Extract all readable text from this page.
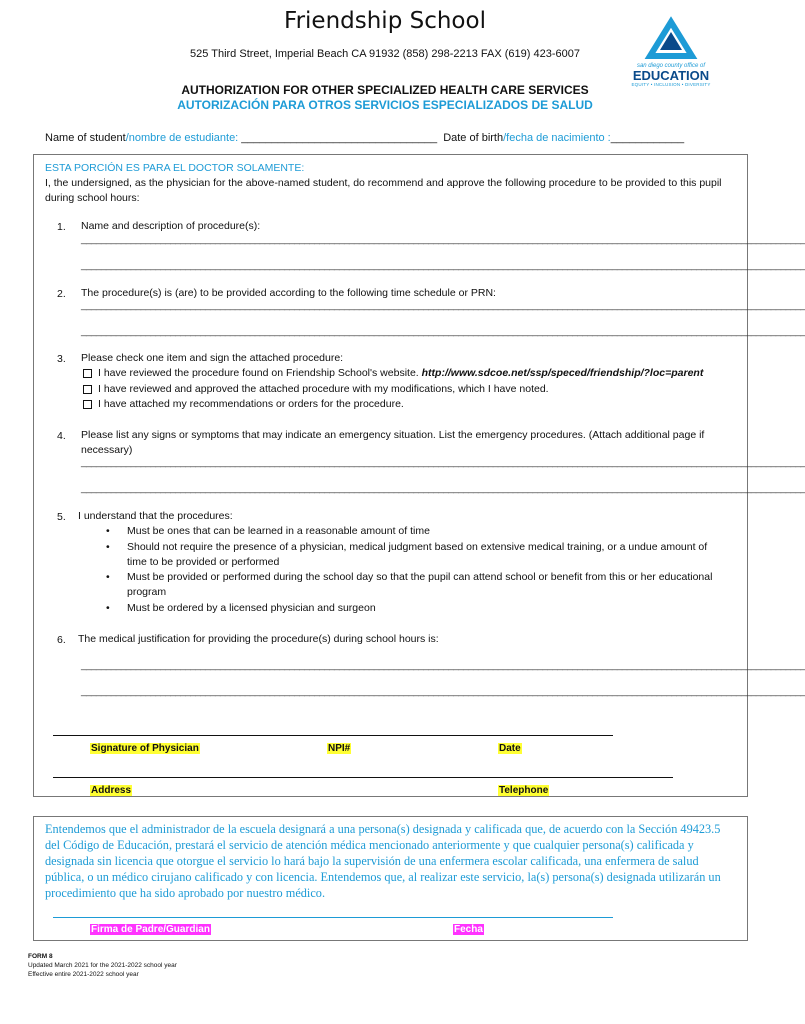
Friendship School
525 Third Street, Imperial Beach CA 91932 (858) 298-2213 FAX (619) 423-6007
san diego county office of
EDUCATION
EQUITY • INCLUSION • DIVERSITY
AUTHORIZATION FOR OTHER SPECIALIZED HEALTH CARE SERVICES
AUTORIZACIÓN PARA OTROS SERVICIOS ESPECIALIZADOS DE SALUD
Name of student/nombre de estudiante: ________________________________ Date of birth/fecha de nacimiento :____________
ESTA PORCIÓN ES PARA EL DOCTOR SOLAMENTE:
I, the undersigned, as the physician for the above-named student, do recommend and approve the following procedure to be provided to this pupil during school hours:
1. Name and description of procedure(s):
__________________________________________________________________________________________________________________________________________________
__________________________________________________________________________________________________________________________________________________
2. The procedure(s) is (are) to be provided according to the following time schedule or PRN:
__________________________________________________________________________________________________________________________________________________
__________________________________________________________________________________________________________________________________________________
3. Please check one item and sign the attached procedure:
I have reviewed the procedure found on Friendship School's website. http://www.sdcoe.net/ssp/speced/friendship/?loc=parent
I have reviewed and approved the attached procedure with my modifications, which I have noted.
I have attached my recommendations or orders for the procedure.
4. Please list any signs or symptoms that may indicate an emergency situation. List the emergency procedures. (Attach additional page if necessary)
__________________________________________________________________________________________________________________________________________________
__________________________________________________________________________________________________________________________________________________
5. I understand that the procedures:
• Must be ones that can be learned in a reasonable amount of time
• Should not require the presence of a physician, medical judgment based on extensive medical training, or a undue amount of time to be provided or performed
• Must be provided or performed during the school day so that the pupil can attend school or benefit from this or her educational program
• Must be ordered by a licensed physician and surgeon
6. The medical justification for providing the procedure(s) during school hours is:
__________________________________________________________________________________________________________________________________________________
__________________________________________________________________________________________________________________________________________________
Signature of Physician	NPI#	Date
Address	Telephone
Entendemos que el administrador de la escuela designará a una persona(s) designada y calificada que, de acuerdo con la Sección 49423.5 del Código de Educación, prestará el servicio de atención médica mencionado anteriormente y que cualquier persona(s) calificada y designada sin licencia que otorgue el servicio lo hará bajo la supervisión de una enfermera escolar calificada, una enfermera de salud pública, o un médico cirujano calificado y con licencia. Entendemos que, al realizar este servicio, la(s) persona(s) designada utilizarán un procedimiento que ha sido aprobado por nuestro médico.
Firma de Padre/Guardian	Fecha
FORM 8
Updated March 2021 for the 2021-2022 school year
Effective entire 2021-2022 school year
